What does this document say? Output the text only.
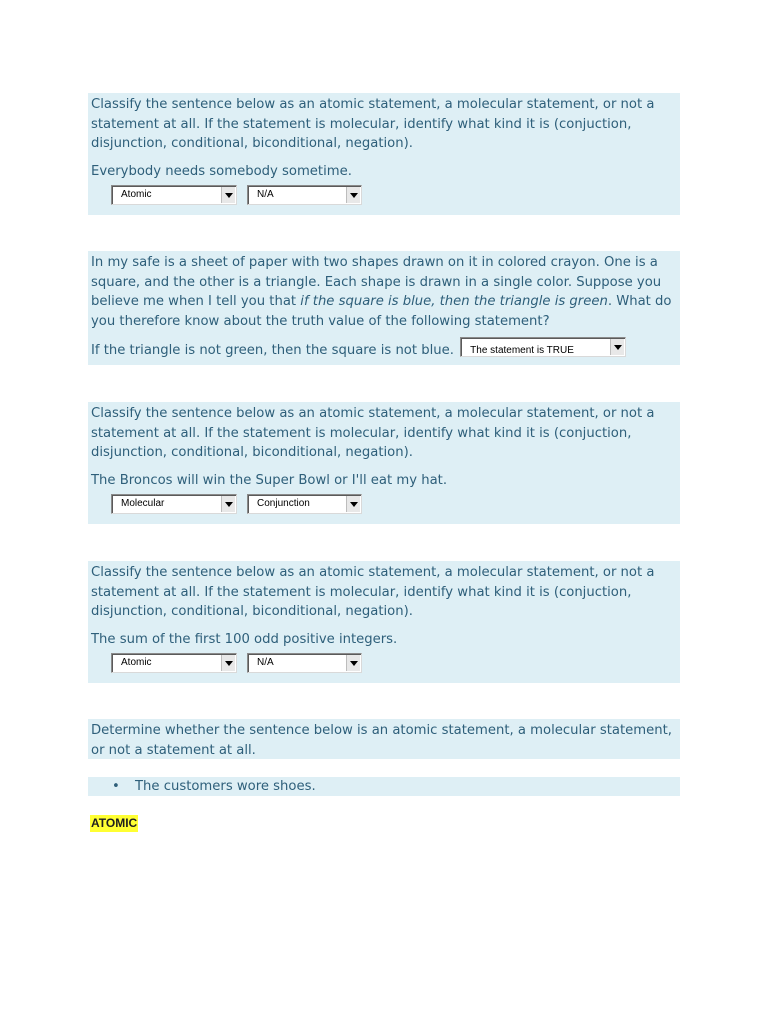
Classify the sentence below as an atomic statement, a molecular statement, or not a statement at all. If the statement is molecular, identify what kind it is (conjuction, disjunction, conditional, biconditional, negation).

Everybody needs somebody sometime.

Atomic	N/A

In my safe is a sheet of paper with two shapes drawn on it in colored crayon. One is a square, and the other is a triangle. Each shape is drawn in a single color. Suppose you believe me when I tell you that if the square is blue, then the triangle is green. What do you therefore know about the truth value of the following statement?

If the triangle is not green, then the square is not blue. The statement is TRUE

Classify the sentence below as an atomic statement, a molecular statement, or not a statement at all. If the statement is molecular, identify what kind it is (conjuction, disjunction, conditional, biconditional, negation).

The Broncos will win the Super Bowl or I'll eat my hat.

Molecular	Conjunction

Classify the sentence below as an atomic statement, a molecular statement, or not a statement at all. If the statement is molecular, identify what kind it is (conjuction, disjunction, conditional, biconditional, negation).

The sum of the first 100 odd positive integers.

Atomic	N/A

Determine whether the sentence below is an atomic statement, a molecular statement, or not a statement at all.

• The customers wore shoes.
ATOMIC
